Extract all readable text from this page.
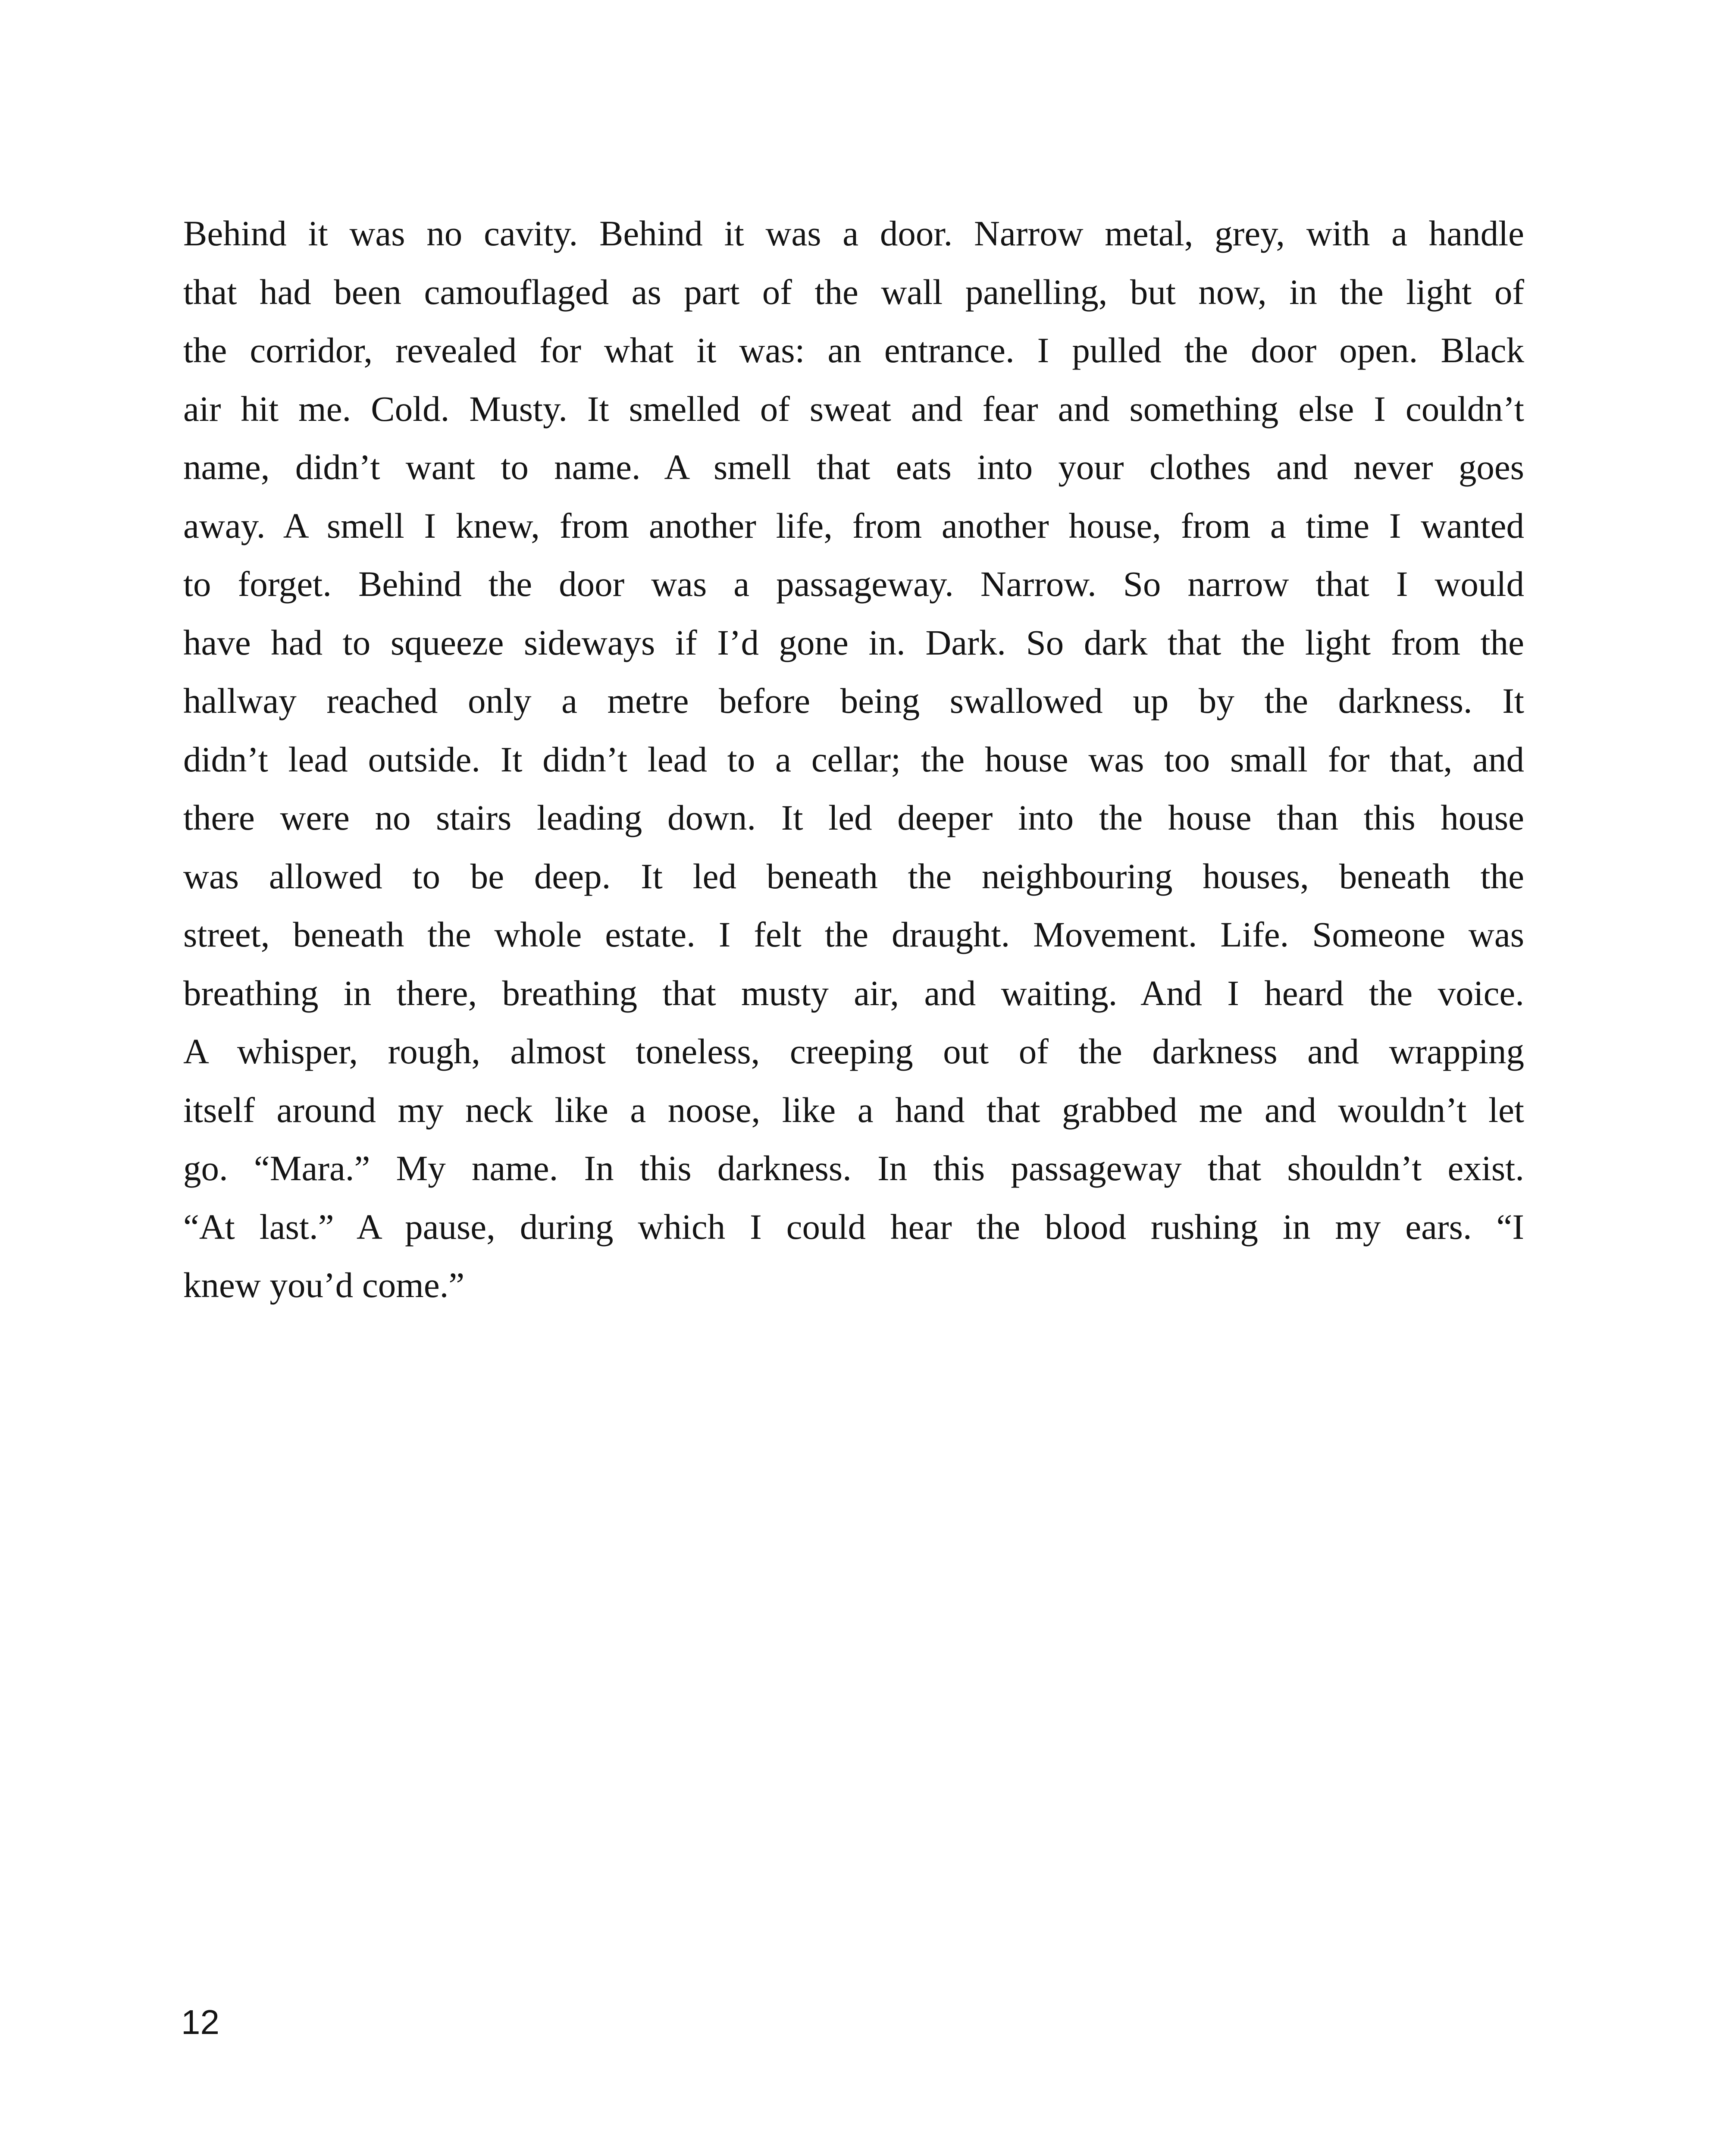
Behind it was no cavity. Behind it was a door. Narrow metal, grey, with a handle
that had been camouflaged as part of the wall panelling, but now, in the light of
the corridor, revealed for what it was: an entrance. I pulled the door open. Black
air hit me. Cold. Musty. It smelled of sweat and fear and something else I couldn’t
name, didn’t want to name. A smell that eats into your clothes and never goes
away. A smell I knew, from another life, from another house, from a time I wanted
to forget. Behind the door was a passageway. Narrow. So narrow that I would
have had to squeeze sideways if I’d gone in. Dark. So dark that the light from the
hallway reached only a metre before being swallowed up by the darkness. It
didn’t lead outside. It didn’t lead to a cellar; the house was too small for that, and
there were no stairs leading down. It led deeper into the house than this house
was allowed to be deep. It led beneath the neighbouring houses, beneath the
street, beneath the whole estate. I felt the draught. Movement. Life. Someone was
breathing in there, breathing that musty air, and waiting. And I heard the voice.
A whisper, rough, almost toneless, creeping out of the darkness and wrapping
itself around my neck like a noose, like a hand that grabbed me and wouldn’t let
go. “Mara.” My name. In this darkness. In this passageway that shouldn’t exist.
“At last.” A pause, during which I could hear the blood rushing in my ears. “I
knew you’d come.”
12
